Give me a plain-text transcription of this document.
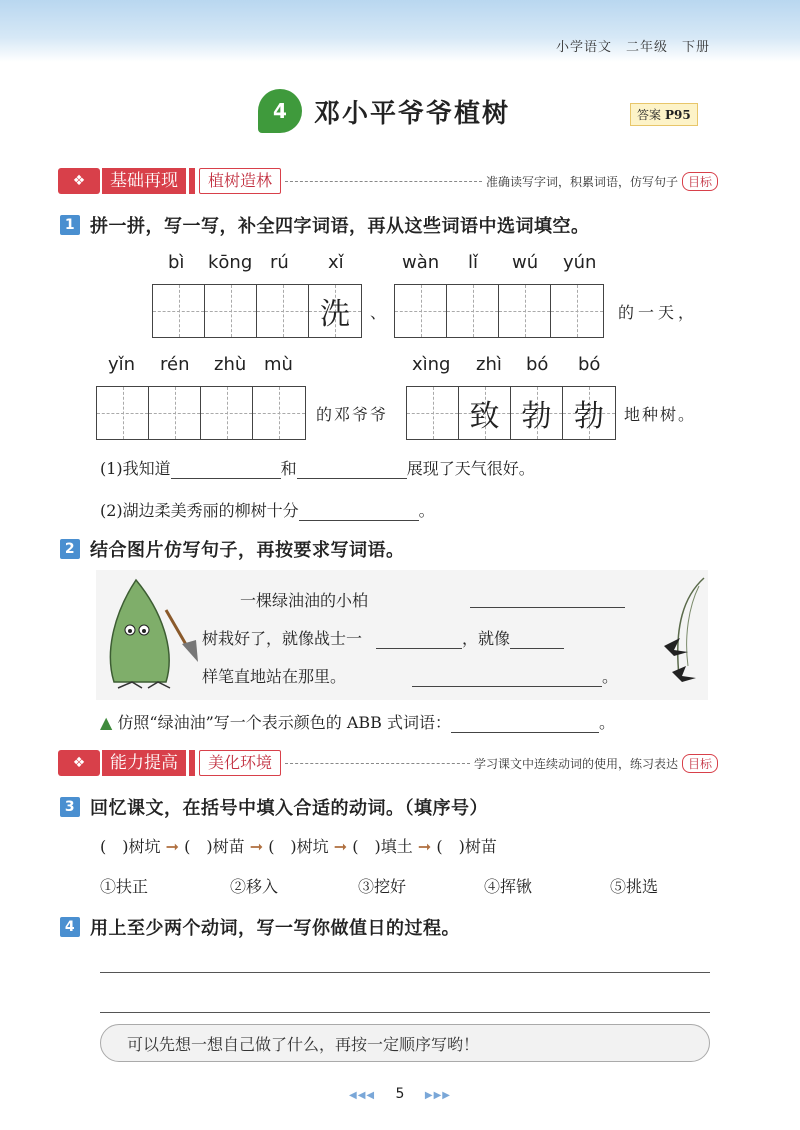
小学语文　二年级　下册
4	邓小平爷爷植树	答案 P95
❖	基础再现	植树造林	准确读写字词，积累词语，仿写句子 目标
1 拼一拼，写一写，补全四字词语，再从这些词语中选词填空。
bì kōng rú xǐ	wàn lǐ wú yún
洗 、	的一天，
yǐn rén zhù mù	xìng zhì bó bó
的邓爷爷	致 勃 勃 地种树。
(1)我知道	和	展现了天气很好。
(2)湖边柔美秀丽的柳树十分	。
2 结合图片仿写句子，再按要求写词语。
一棵绿油油的小柏
树栽好了，就像战士一	，就像
样笔直地站在那里。	。
▲ 仿照“绿油油”写一个表示颜色的 ABB 式词语：	。
❖	能力提高	美化环境	学习课文中连续动词的使用，练习表达 目标
3 回忆课文，在括号中填入合适的动词。（填序号）
(　)树坑 ➞ (　)树苗 ➞ (　)树坑 ➞ (　)填土 ➞ (　)树苗
①扶正	②移入	③挖好	④挥锹	⑤挑选
4 用上至少两个动词，写一写你做值日的过程。
可以先想一想自己做了什么，再按一定顺序写哟！
◀◀◀ 5 ▶▶▶
